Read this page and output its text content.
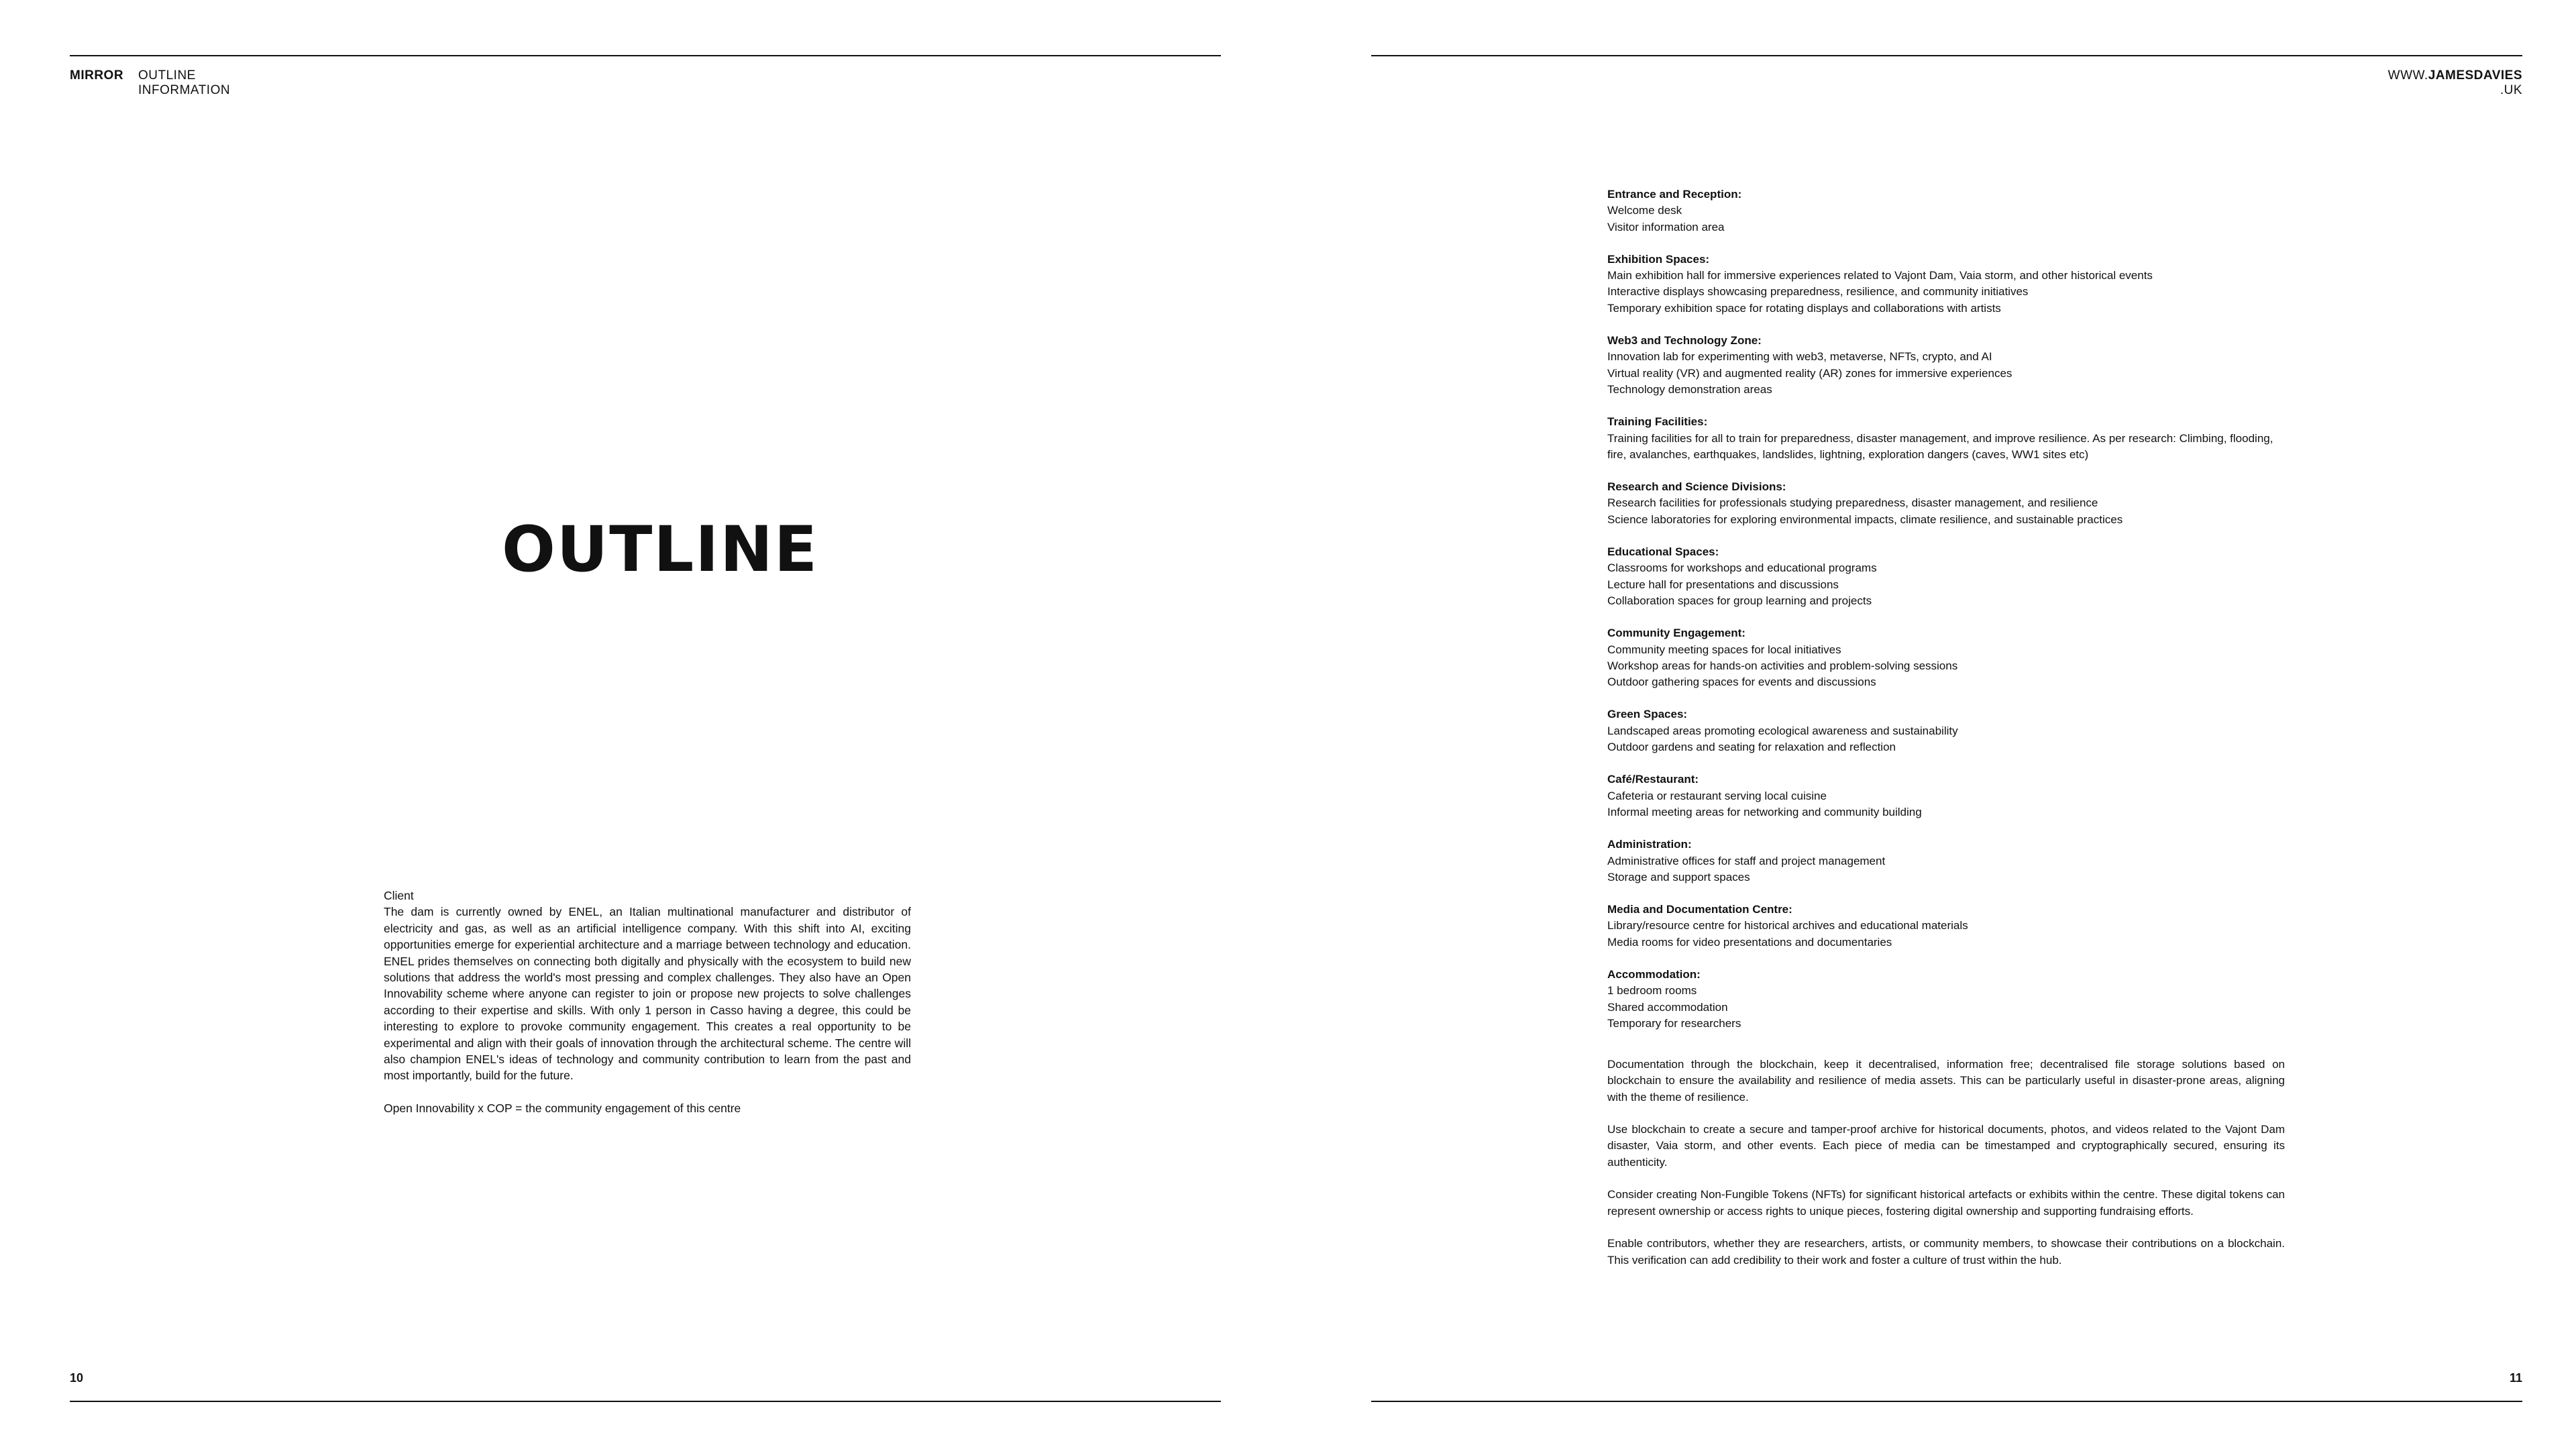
MIRROR OUTLINE
INFORMATION
OUTLINE

Client

The dam is currently owned by ENEL, an Italian multinational manufacturer and distributor of electricity and gas, as well as an artificial intelligence company. With this shift into AI, exciting opportunities emerge for experiential architecture and a marriage between technology and education. ENEL prides themselves on connecting both digitally and physically with the ecosystem to build new solutions that address the world's most pressing and complex challenges. They also have an Open Innovability scheme where anyone can register to join or propose new projects to solve challenges according to their expertise and skills. With only 1 person in Casso having a degree, this could be interesting to explore to provoke community engagement. This creates a real opportunity to be experimental and align with their goals of innovation through the architectural scheme. The centre will also champion ENEL's ideas of technology and community contribution to learn from the past and most importantly, build for the future.

Open Innovability x COP = the community engagement of this centre

10
WWW.JAMESDAVIES
.UK
Entrance and Reception:
Welcome desk
Visitor information area
Exhibition Spaces:
Main exhibition hall for immersive experiences related to Vajont Dam, Vaia storm, and other historical events
Interactive displays showcasing preparedness, resilience, and community initiatives
Temporary exhibition space for rotating displays and collaborations with artists
Web3 and Technology Zone:
Innovation lab for experimenting with web3, metaverse, NFTs, crypto, and AI
Virtual reality (VR) and augmented reality (AR) zones for immersive experiences
Technology demonstration areas
Training Facilities:
Training facilities for all to train for preparedness, disaster management, and improve resilience. As per research: Climbing, flooding, fire, avalanches, earthquakes, landslides, lightning, exploration dangers (caves, WW1 sites etc)
Research and Science Divisions:
Research facilities for professionals studying preparedness, disaster management, and resilience
Science laboratories for exploring environmental impacts, climate resilience, and sustainable practices
Educational Spaces:
Classrooms for workshops and educational programs
Lecture hall for presentations and discussions
Collaboration spaces for group learning and projects
Community Engagement:
Community meeting spaces for local initiatives
Workshop areas for hands-on activities and problem-solving sessions
Outdoor gathering spaces for events and discussions
Green Spaces:
Landscaped areas promoting ecological awareness and sustainability
Outdoor gardens and seating for relaxation and reflection
Café/Restaurant:
Cafeteria or restaurant serving local cuisine
Informal meeting areas for networking and community building
Administration:
Administrative offices for staff and project management
Storage and support spaces
Media and Documentation Centre:
Library/resource centre for historical archives and educational materials
Media rooms for video presentations and documentaries
Accommodation:
1 bedroom rooms
Shared accommodation
Temporary for researchers

Documentation through the blockchain, keep it decentralised, information free; decentralised file storage solutions based on blockchain to ensure the availability and resilience of media assets. This can be particularly useful in disaster-prone areas, aligning with the theme of resilience.

Use blockchain to create a secure and tamper-proof archive for historical documents, photos, and videos related to the Vajont Dam disaster, Vaia storm, and other events. Each piece of media can be timestamped and cryptographically secured, ensuring its authenticity.

Consider creating Non-Fungible Tokens (NFTs) for significant historical artefacts or exhibits within the centre. These digital tokens can represent ownership or access rights to unique pieces, fostering digital ownership and supporting fundraising efforts.

Enable contributors, whether they are researchers, artists, or community members, to showcase their contributions on a blockchain. This verification can add credibility to their work and foster a culture of trust within the hub.

11
